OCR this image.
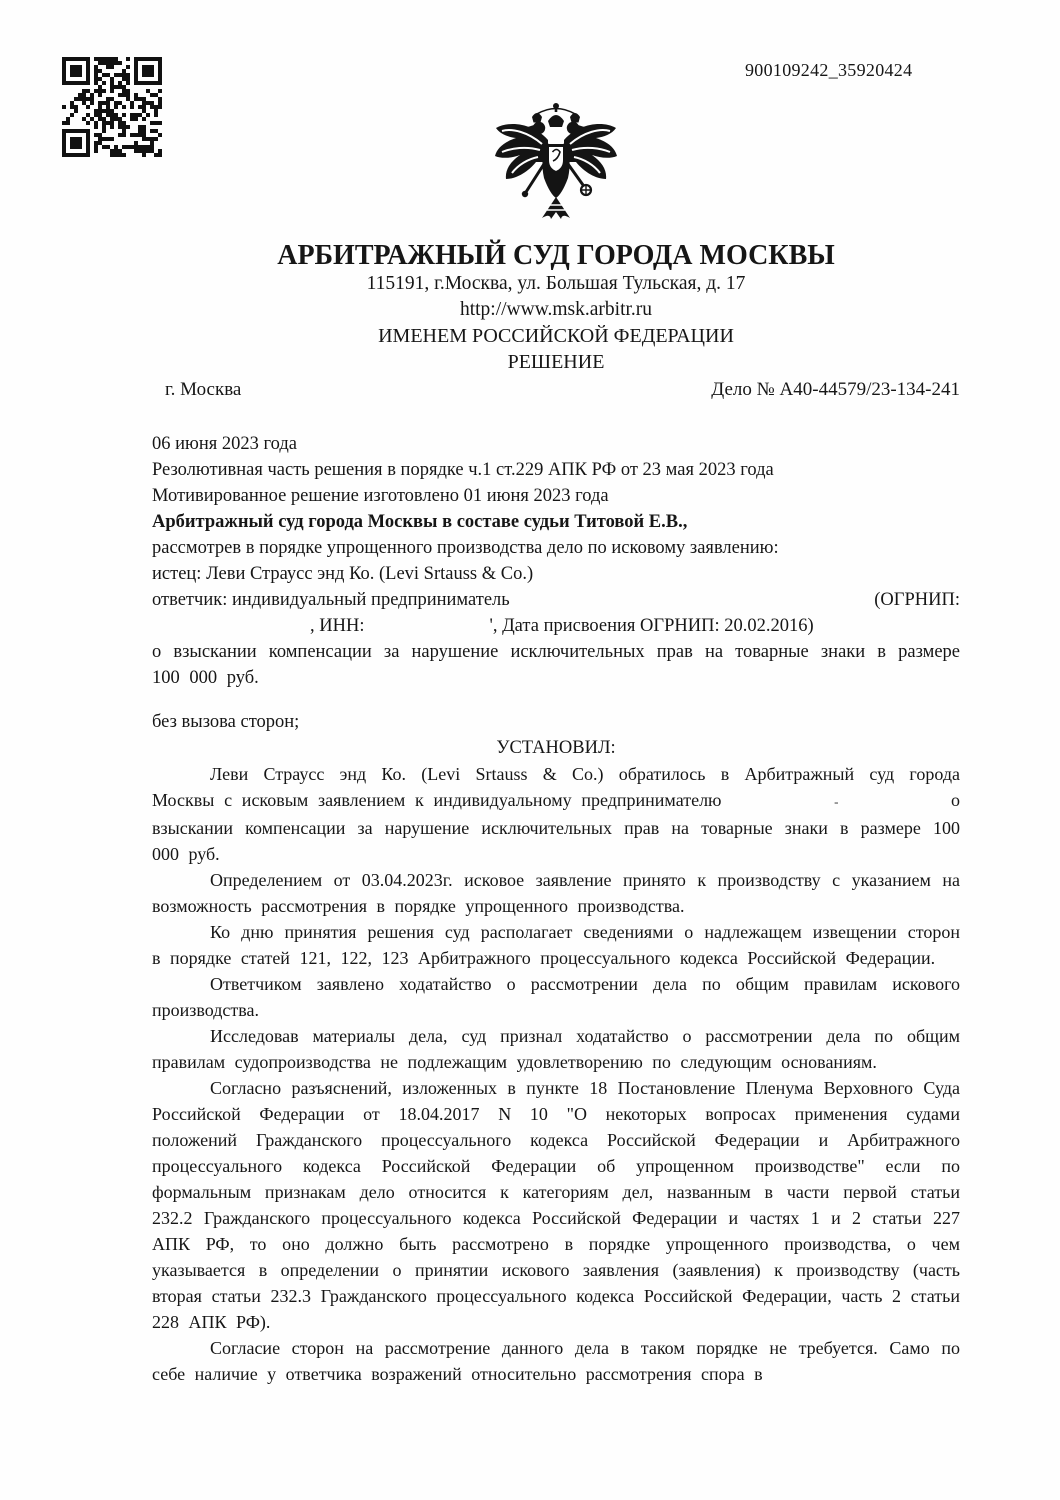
900109242_35920424
АРБИТРАЖНЫЙ СУД ГОРОДА МОСКВЫ
115191, г.Москва, ул. Большая Тульская, д. 17
http://www.msk.arbitr.ru
ИМЕНЕМ РОССИЙСКОЙ ФЕДЕРАЦИИ
РЕШЕНИЕ
г. Москва	Дело № А40-44579/23-134-241
06 июня 2023 года
Резолютивная часть решения в порядке ч.1 ст.229 АПК РФ от 23 мая 2023 года
Мотивированное решение изготовлено 01 июня 2023 года
Арбитражный суд города Москвы в составе судьи Титовой Е.В.,
рассмотрев в порядке упрощенного производства дело по исковому заявлению:
истец: Леви Страусс энд Ко. (Levi Srtauss & Co.)
ответчик: индивидуальный предприниматель	(ОГРНИП:
, ИНН:	', Дата присвоения ОГРНИП: 20.02.2016)
о взыскании компенсации за нарушение исключительных прав на товарные знаки в размере 100 000 руб.
без вызова сторон;
УСТАНОВИЛ:
Леви Страусс энд Ко. (Levi Srtauss & Co.) обратилось в Арбитражный суд города Москвы с исковым заявлением к индивидуальному предпринимателю	-	о взыскании компенсации за нарушение исключительных прав на товарные знаки в размере 100 000 руб.
Определением от 03.04.2023г. исковое заявление принято к производству с указанием на возможность рассмотрения в порядке упрощенного производства.
Ко дню принятия решения суд располагает сведениями о надлежащем извещении сторон в порядке статей 121, 122, 123 Арбитражного процессуального кодекса Российской Федерации.
Ответчиком заявлено ходатайство о рассмотрении дела по общим правилам искового производства.
Исследовав материалы дела, суд признал ходатайство о рассмотрении дела по общим правилам судопроизводства не подлежащим удовлетворению по следующим основаниям.
Согласно разъяснений, изложенных в пункте 18 Постановление Пленума Верховного Суда Российской Федерации от 18.04.2017 N 10 "О некоторых вопросах применения судами положений Гражданского процессуального кодекса Российской Федерации и Арбитражного процессуального кодекса Российской Федерации об упрощенном производстве" если по формальным признакам дело относится к категориям дел, названным в части первой статьи 232.2 Гражданского процессуального кодекса Российской Федерации и частях 1 и 2 статьи 227 АПК РФ, то оно должно быть рассмотрено в порядке упрощенного производства, о чем указывается в определении о принятии искового заявления (заявления) к производству (часть вторая статьи 232.3 Гражданского процессуального кодекса Российской Федерации, часть 2 статьи 228 АПК РФ).
Согласие сторон на рассмотрение данного дела в таком порядке не требуется. Само по себе наличие у ответчика возражений относительно рассмотрения спора в
